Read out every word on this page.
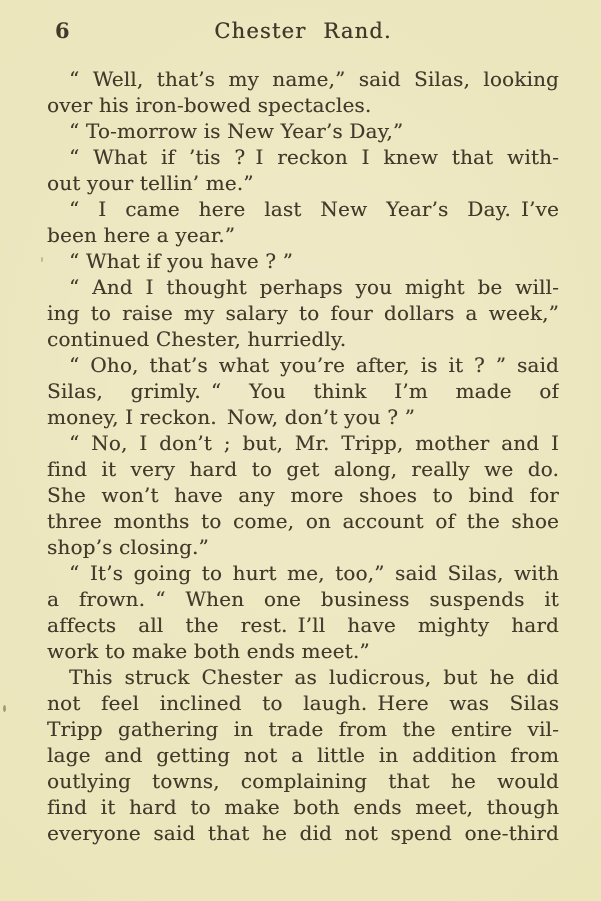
6	Chester Rand.
“ Well, that’s my name,” said Silas, looking
over his iron-bowed spectacles.
“ To-morrow is New Year’s Day,”
“ What if ’tis ? I reckon I knew that with-
out your tellin’ me.”
“ I came here last New Year’s Day. I’ve
been here a year.”
“ What if you have ? ”
“ And I thought perhaps you might be will-
ing to raise my salary to four dollars a week,”
continued Chester, hurriedly.
“ Oho, that’s what you’re after, is it ? ” said
Silas, grimly. “ You think I’m made of
money, I reckon. Now, don’t you ? ”
“ No, I don’t ; but, Mr. Tripp, mother and I
find it very hard to get along, really we do.
She won’t have any more shoes to bind for
three months to come, on account of the shoe
shop’s closing.”
“ It’s going to hurt me, too,” said Silas, with
a frown. “ When one business suspends it
affects all the rest. I’ll have mighty hard
work to make both ends meet.”
This struck Chester as ludicrous, but he did
not feel inclined to laugh. Here was Silas
Tripp gathering in trade from the entire vil-
lage and getting not a little in addition from
outlying towns, complaining that he would
find it hard to make both ends meet, though
everyone said that he did not spend one-third
